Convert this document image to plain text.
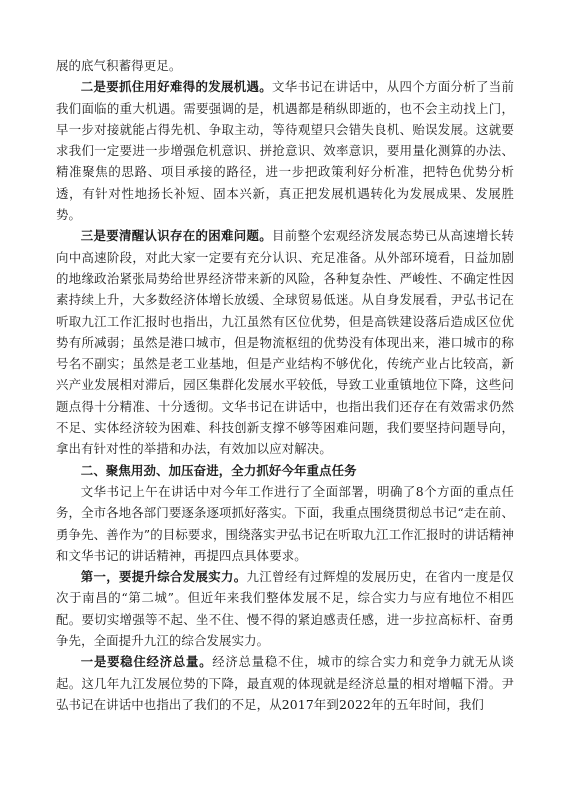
展的底气积蓄得更足。

二是要抓住用好难得的发展机遇。文华书记在讲话中，从四个方面分析了当前我们面临的重大机遇。需要强调的是，机遇都是稍纵即逝的，也不会主动找上门，早一步对接就能占得先机、争取主动，等待观望只会错失良机、贻误发展。这就要求我们一定要进一步增强危机意识、拼抢意识、效率意识，要用量化测算的办法、精准聚焦的思路、项目承接的路径，进一步把政策利好分析准，把特色优势分析透，有针对性地扬长补短、固本兴新，真正把发展机遇转化为发展成果、发展胜势。

三是要清醒认识存在的困难问题。目前整个宏观经济发展态势已从高速增长转向中高速阶段，对此大家一定要有充分认识、充足准备。从外部环境看，日益加剧的地缘政治紧张局势给世界经济带来新的风险，各种复杂性、严峻性、不确定性因素持续上升，大多数经济体增长放缓、全球贸易低迷。从自身发展看，尹弘书记在听取九江工作汇报时也指出，九江虽然有区位优势，但是高铁建设落后造成区位优势有所减弱；虽然是港口城市，但是物流枢纽的优势没有体现出来，港口城市的称号名不副实；虽然是老工业基地，但是产业结构不够优化，传统产业占比较高，新兴产业发展相对滞后，园区集群化发展水平较低，导致工业重镇地位下降，这些问题点得十分精准、十分透彻。文华书记在讲话中，也指出我们还存在有效需求仍然不足、实体经济较为困难、科技创新支撑不够等困难问题，我们要坚持问题导向，拿出有针对性的举措和办法，有效加以应对解决。

二、聚焦用劲、加压奋进，全力抓好今年重点任务

文华书记上午在讲话中对今年工作进行了全面部署，明确了8个方面的重点任务，全市各地各部门要逐条逐项抓好落实。下面，我重点围绕贯彻总书记“走在前、勇争先、善作为”的目标要求，围绕落实尹弘书记在听取九江工作汇报时的讲话精神和文华书记的讲话精神，再提四点具体要求。

第一，要提升综合发展实力。九江曾经有过辉煌的发展历史，在省内一度是仅次于南昌的“第二城”。但近年来我们整体发展不足，综合实力与应有地位不相匹配。要切实增强等不起、坐不住、慢不得的紧迫感责任感，进一步拉高标杆、奋勇争先，全面提升九江的综合发展实力。

一是要稳住经济总量。经济总量稳不住，城市的综合实力和竞争力就无从谈起。这几年九江发展位势的下降，最直观的体现就是经济总量的相对增幅下滑。尹弘书记在讲话中也指出了我们的不足，从2017年到2022年的五年时间，我们
